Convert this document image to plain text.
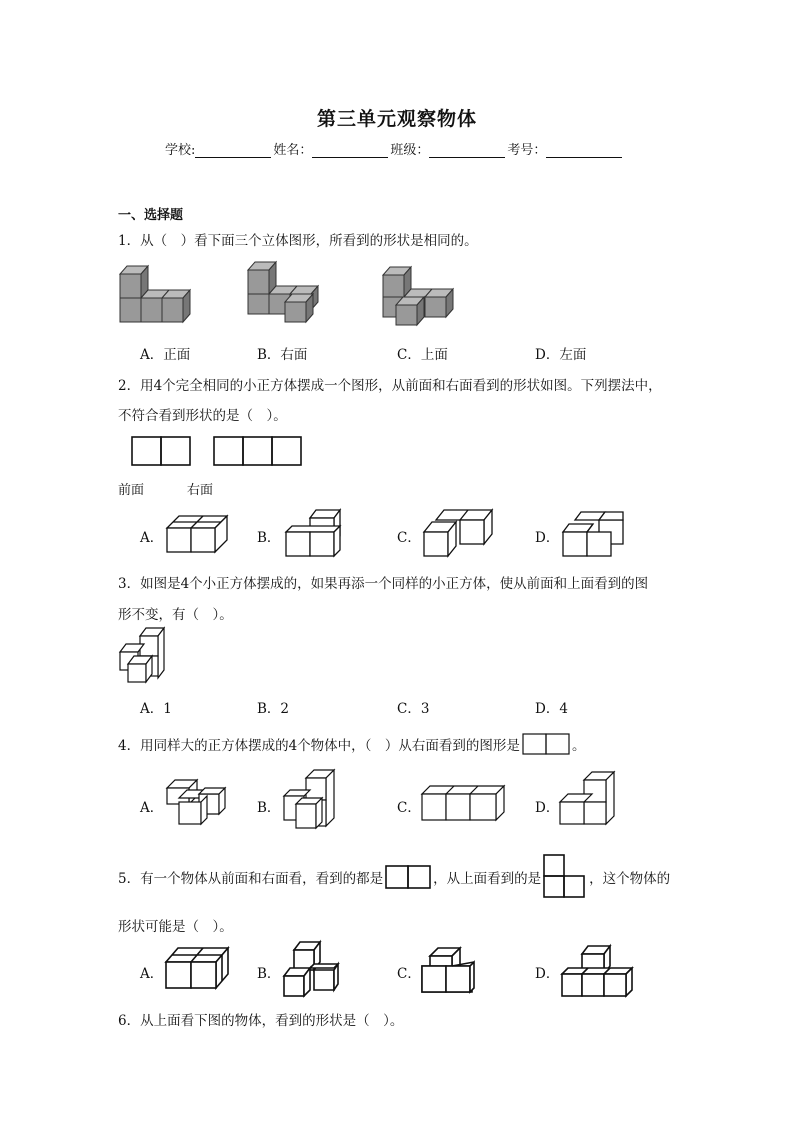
第三单元观察物体
学校:	姓名：	班级：	考号：
一、选择题
1．从（　）看下面三个立体图形，所看到的形状是相同的。
A．正面	B．右面	C．上面	D．左面
2．用4个完全相同的小正方体摆成一个图形，从前面和右面看到的形状如图。下列摆法中，
不符合看到形状的是（　）。
前面	右面
A．	B．	C．	D．
3．如图是4个小正方体摆成的，如果再添一个同样的小正方体，使从前面和上面看到的图
形不变，有（　）。
A．1	B．2	C．3	D．4
4．用同样大的正方体摆成的4个物体中，（　）从右面看到的图形是	。
A．	B．	C．	D．
5．有一个物体从前面和右面看，看到的都是	，从上面看到的是	，这个物体的
形状可能是（　）。
A．	B．	C．	D．
6．从上面看下图的物体，看到的形状是（　）。
